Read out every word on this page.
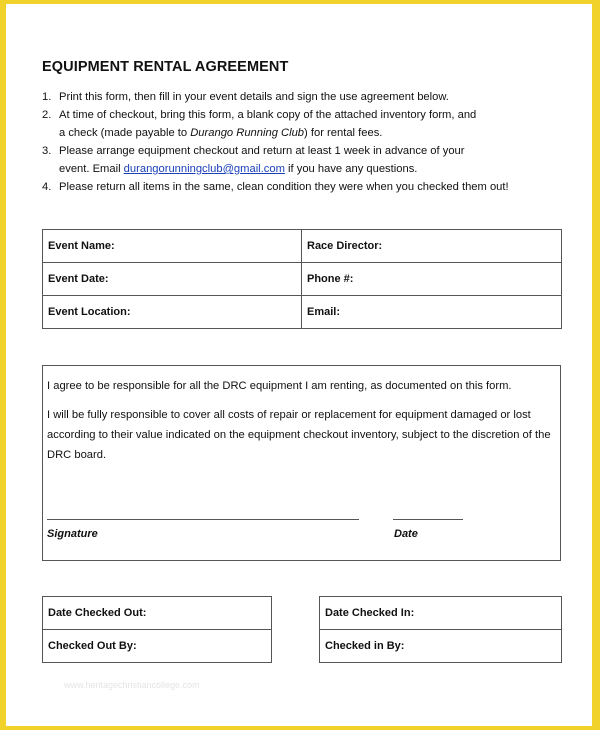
EQUIPMENT RENTAL AGREEMENT
1. Print this form, then fill in your event details and sign the use agreement below.
2. At time of checkout, bring this form, a blank copy of the attached inventory form, and
a check (made payable to Durango Running Club) for rental fees.
3. Please arrange equipment checkout and return at least 1 week in advance of your
event. Email durangorunningclub@gmail.com if you have any questions.
4. Please return all items in the same, clean condition they were when you checked them out!
Event Name:	Race Director:
Event Date:	Phone #:
Event Location:	Email:

I agree to be responsible for all the DRC equipment I am renting, as documented on this form.

I will be fully responsible to cover all costs of repair or replacement for equipment damaged or lost according to their value indicated on the equipment checkout inventory, subject to the discretion of the DRC board.

Signature	Date
Date Checked Out:
Checked Out By:
Date Checked In:
Checked in By:
www.heritagechristiancollege.com
